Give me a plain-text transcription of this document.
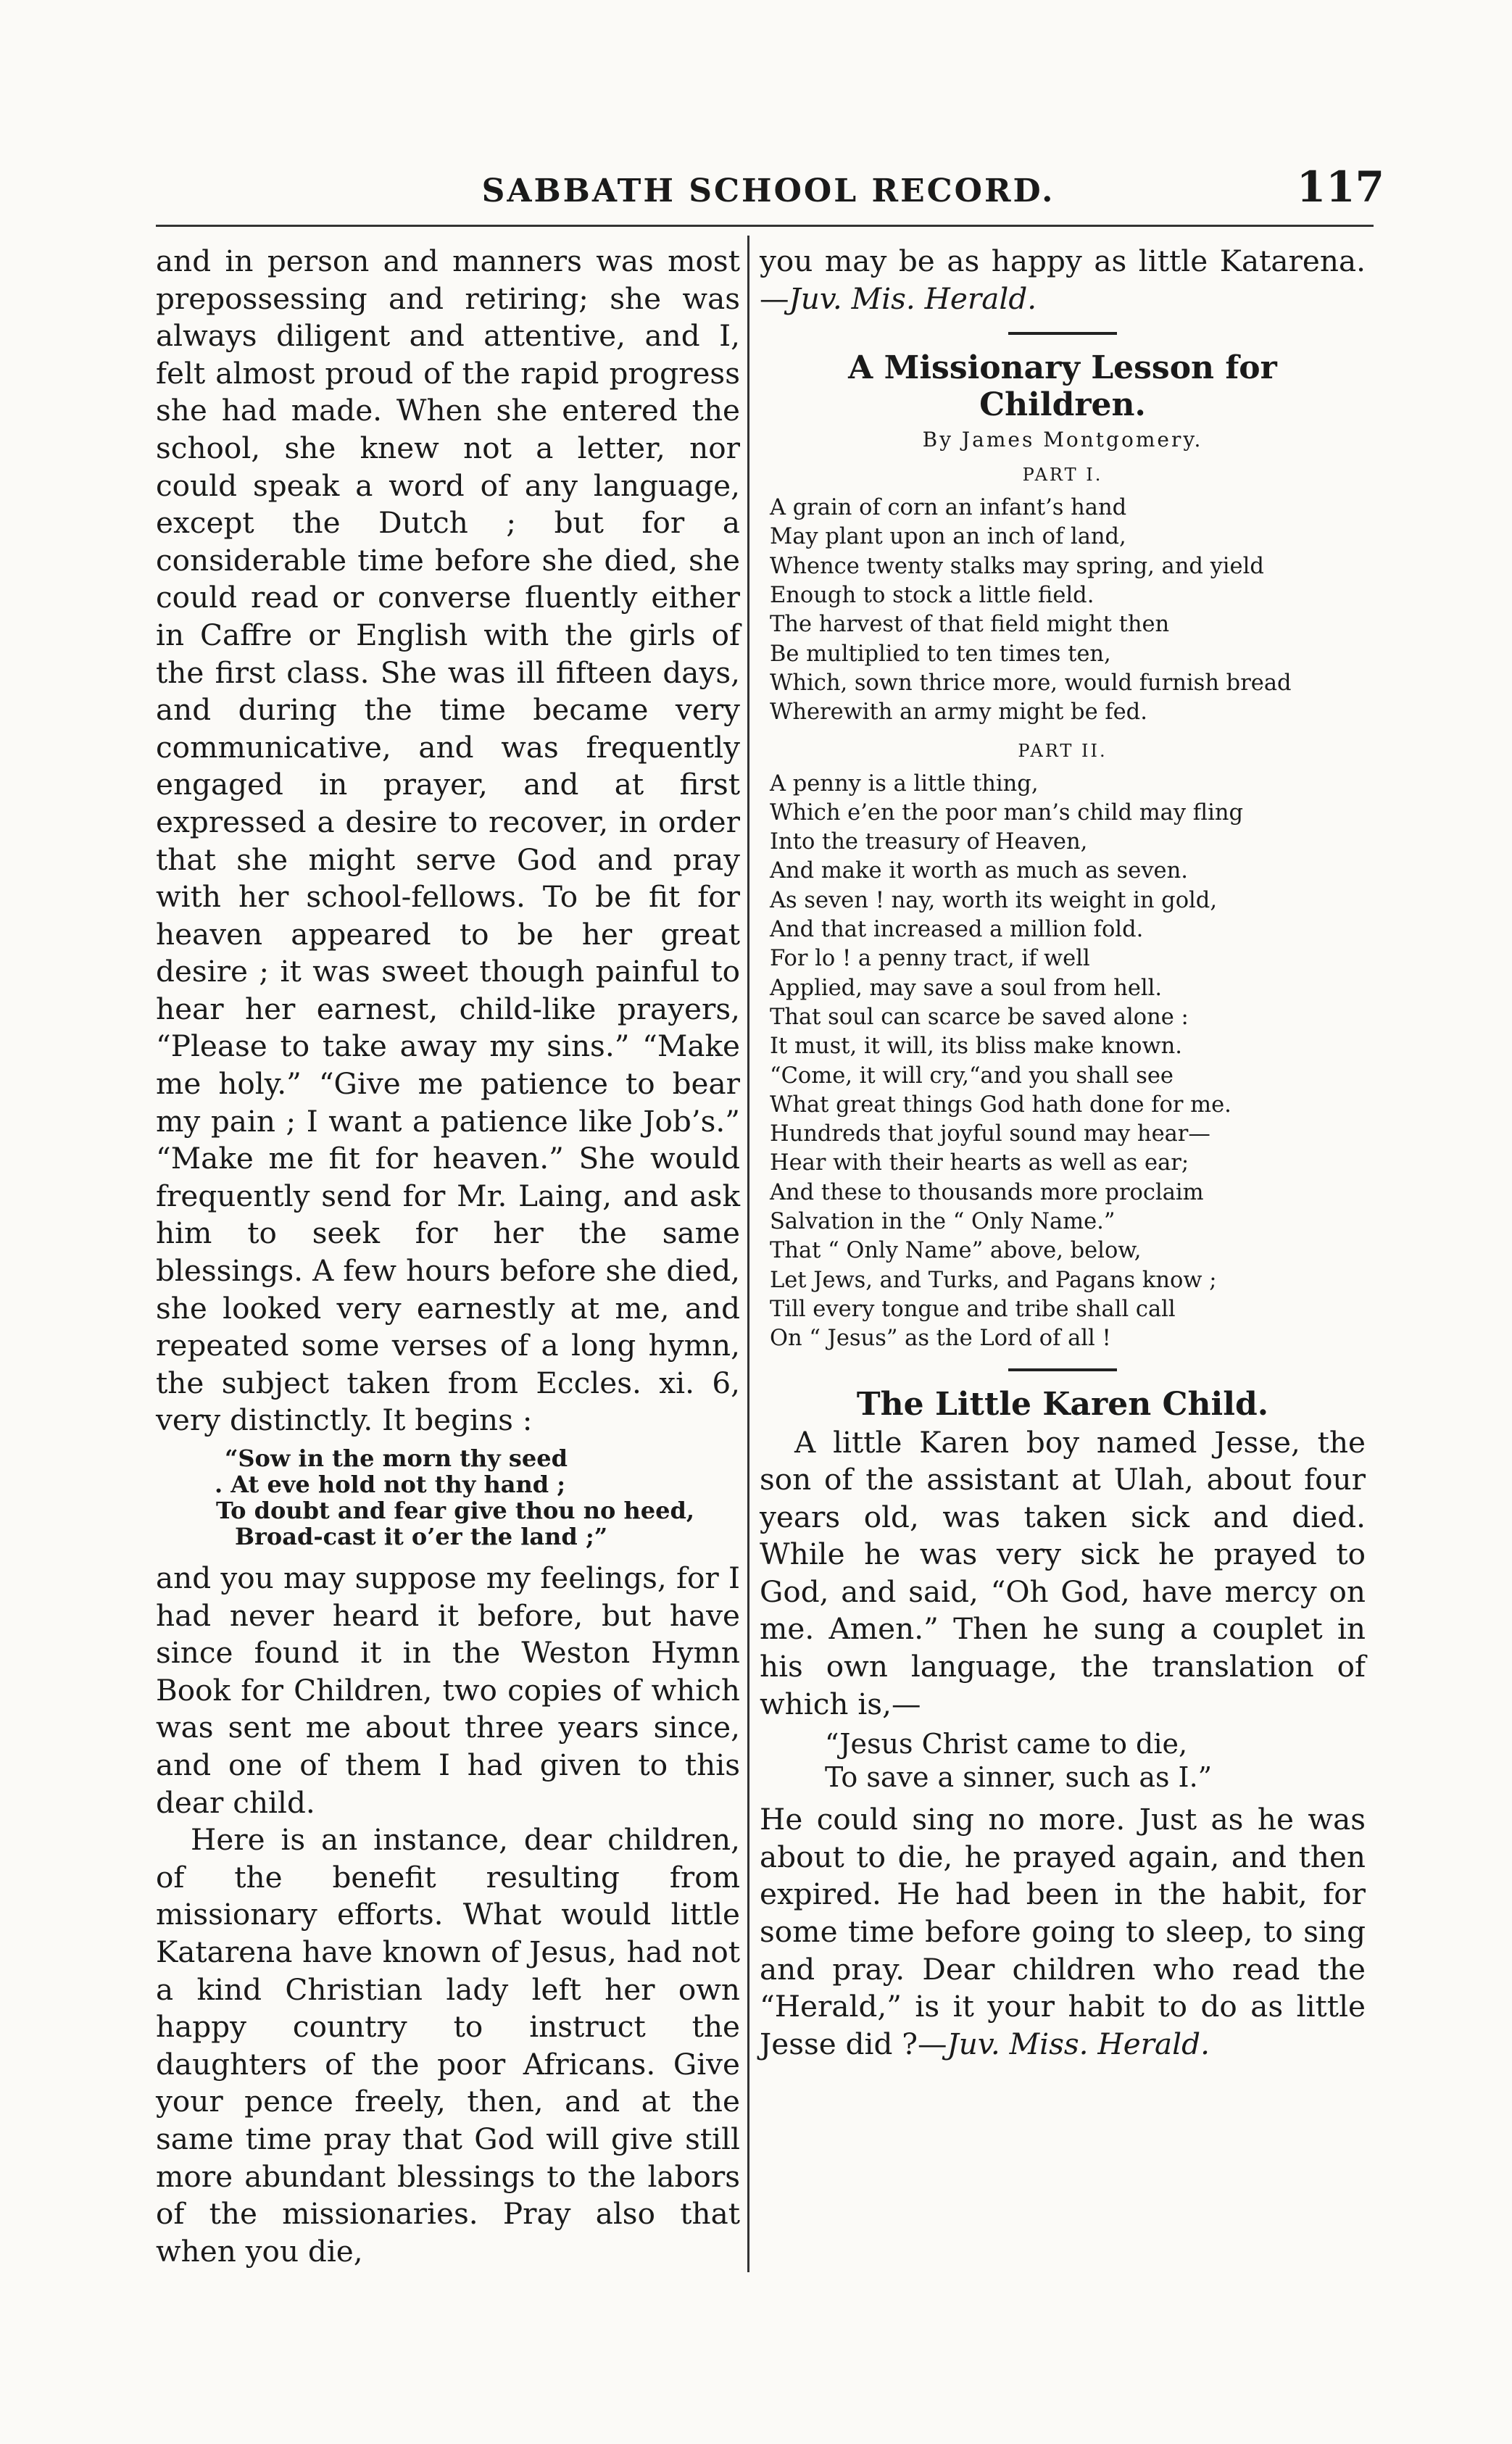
SABBATH SCHOOL RECORD.	117

and in person and manners was most prepossessing and retiring; she was always diligent and attentive, and I, felt almost proud of the rapid progress she had made. When she entered the school, she knew not a letter, nor could speak a word of any language, except the Dutch ; but for a considerable time before she died, she could read or converse fluently either in Caffre or English with the girls of the first class. She was ill fifteen days, and during the time became very communicative, and was frequently engaged in prayer, and at first expressed a desire to recover, in order that she might serve God and pray with her school-fellows. To be fit for heaven appeared to be her great desire ; it was sweet though painful to hear her earnest, child-like prayers, “Please to take away my sins.” “Make me holy.” “Give me patience to bear my pain ; I want a patience like Job’s.” “Make me fit for heaven.” She would frequently send for Mr. Laing, and ask him to seek for her the same blessings. A few hours before she died, she looked very earnestly at me, and repeated some verses of a long hymn, the subject taken from Eccles. xi. 6, very distinctly. It begins :

“Sow in the morn thy seed
. At eve hold not thy hand ;
To doubt and fear give thou no heed,
Broad-cast it o’er the land ;”

and you may suppose my feelings, for I had never heard it before, but have since found it in the Weston Hymn Book for Children, two copies of which was sent me about three years since, and one of them I had given to this dear child.

Here is an instance, dear children, of the benefit resulting from missionary efforts. What would little Katarena have known of Jesus, had not a kind Christian lady left her own happy country to instruct the daughters of the poor Africans. Give your pence freely, then, and at the same time pray that God will give still more abundant blessings to the labors of the missionaries. Pray also that when you die,

you may be as happy as little Katarena.—Juv. Mis. Herald.

A Missionary Lesson for Children.
By James Montgomery.
PART I.
A grain of corn an infant’s hand
May plant upon an inch of land,
Whence twenty stalks may spring, and yield
Enough to stock a little field.
The harvest of that field might then
Be multiplied to ten times ten,
Which, sown thrice more, would furnish bread
Wherewith an army might be fed.
PART II.
A penny is a little thing,
Which e’en the poor man’s child may fling
Into the treasury of Heaven,
And make it worth as much as seven.
As seven ! nay, worth its weight in gold,
And that increased a million fold.
For lo ! a penny tract, if well
Applied, may save a soul from hell.
That soul can scarce be saved alone :
It must, it will, its bliss make known.
“Come, it will cry,“and you shall see
What great things God hath done for me.
Hundreds that joyful sound may hear—
Hear with their hearts as well as ear;
And these to thousands more proclaim
Salvation in the “ Only Name.”
That “ Only Name” above, below,
Let Jews, and Turks, and Pagans know ;
Till every tongue and tribe shall call
On “ Jesus” as the Lord of all !
The Little Karen Child.

A little Karen boy named Jesse, the son of the assistant at Ulah, about four years old, was taken sick and died. While he was very sick he prayed to God, and said, “Oh God, have mercy on me. Amen.” Then he sung a couplet in his own language, the translation of which is,—

“Jesus Christ came to die,
To save a sinner, such as I.”

He could sing no more. Just as he was about to die, he prayed again, and then expired. He had been in the habit, for some time before going to sleep, to sing and pray. Dear children who read the “Herald,” is it your habit to do as little Jesse did ?—Juv. Miss. Herald.
